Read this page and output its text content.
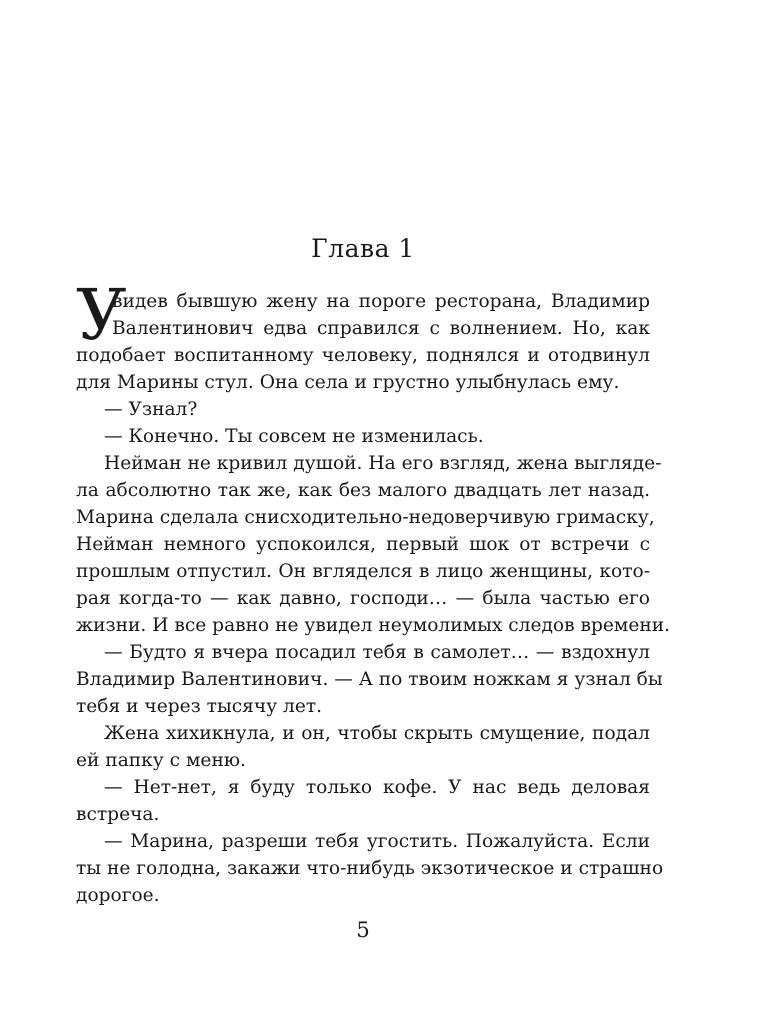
Глава 1
У
видев бывшую жену на пороге ресторана, Владимир
Валентинович едва справился с волнением. Но, как
подобает воспитанному человеку, поднялся и отодвинул
для Марины стул. Она села и грустно улыбнулась ему.
— Узнал?
— Конечно. Ты совсем не изменилась.
Нейман не кривил душой. На его взгляд, жена выгляде-
ла абсолютно так же, как без малого двадцать лет назад.
Марина сделала снисходительно-недоверчивую гримаску,
Нейман немного успокоился, первый шок от встречи с
прошлым отпустил. Он вгляделся в лицо женщины, кото-
рая когда-то — как давно, господи… — была частью его
жизни. И все равно не увидел неумолимых следов времени.
— Будто я вчера посадил тебя в самолет… — вздохнул
Владимир Валентинович. — А по твоим ножкам я узнал бы
тебя и через тысячу лет.
Жена хихикнула, и он, чтобы скрыть смущение, подал
ей папку с меню.
— Нет-нет, я буду только кофе. У нас ведь деловая
встреча.
— Марина, разреши тебя угостить. Пожалуйста. Если
ты не голодна, закажи что-нибудь экзотическое и страшно
дорогое.

5
